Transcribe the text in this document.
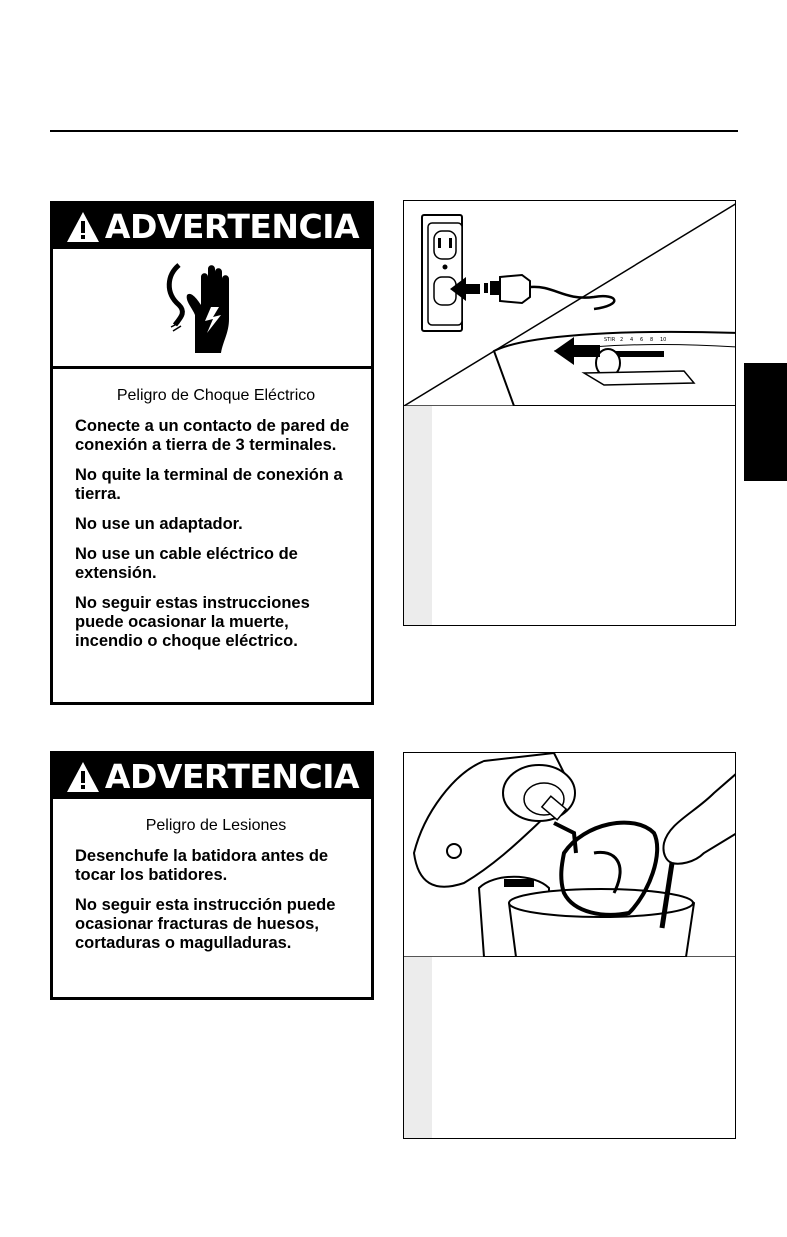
ADVERTENCIA
Peligro de Choque Eléctrico

Conecte a un contacto de pared de conexión a tierra de 3 terminales.

No quite la terminal de conexión a tierra.

No use un adaptador.

No use un cable eléctrico de extensión.

No seguir estas instrucciones puede ocasionar la muerte, incendio o choque eléctrico.

ADVERTENCIA
Peligro de Lesiones

Desenchufe la batidora antes de tocar los batidores.

No seguir esta instrucción puede ocasionar fracturas de huesos, cortaduras o magulladuras.

STIR 2 4 6 8 10
